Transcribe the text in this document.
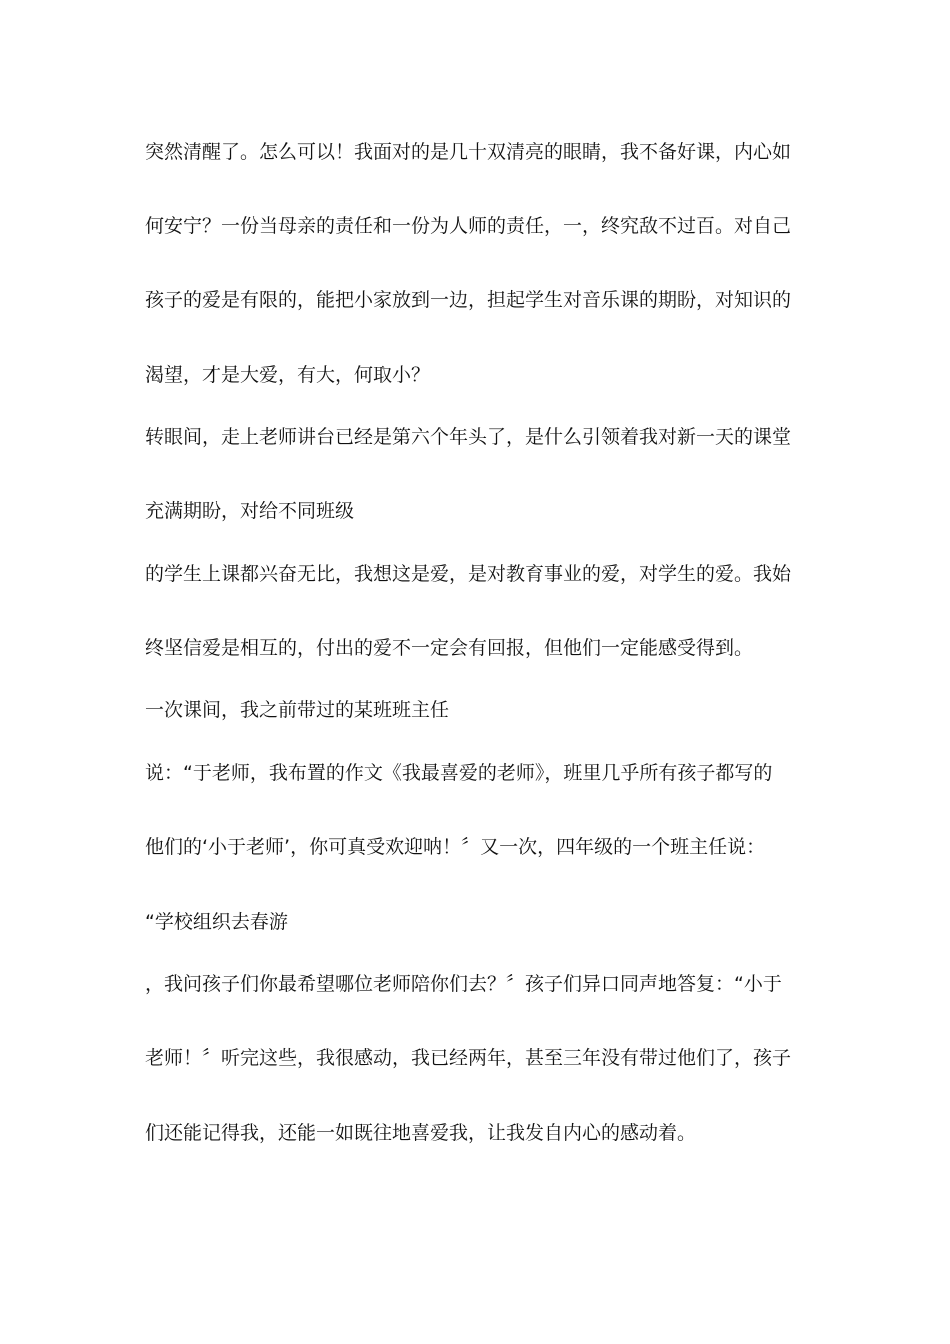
突然清醒了。怎么可以！我面对的是几十双清亮的眼睛，我不备好课，内心如
何安宁？一份当母亲的责任和一份为人师的责任，一，终究敌不过百。对自己
孩子的爱是有限的，能把小家放到一边，担起学生对音乐课的期盼，对知识的
渴望，才是大爱，有大，何取小？
转眼间，走上老师讲台已经是第六个年头了，是什么引领着我对新一天的课堂
充满期盼，对给不同班级
的学生上课都兴奋无比，我想这是爱，是对教育事业的爱，对学生的爱。我始
终坚信爱是相互的，付出的爱不一定会有回报，但他们一定能感受得到。
一次课间，我之前带过的某班班主任
说：“于老师，我布置的作文《我最喜爱的老师》，班里几乎所有孩子都写的
他们的‘小于老师’，你可真受欢迎呐！〞又一次，四年级的一个班主任说：
“学校组织去春游
，我问孩子们你最希望哪位老师陪你们去？〞孩子们异口同声地答复：“小于
老师！〞听完这些，我很感动，我已经两年，甚至三年没有带过他们了，孩子
们还能记得我，还能一如既往地喜爱我，让我发自内心的感动着。
